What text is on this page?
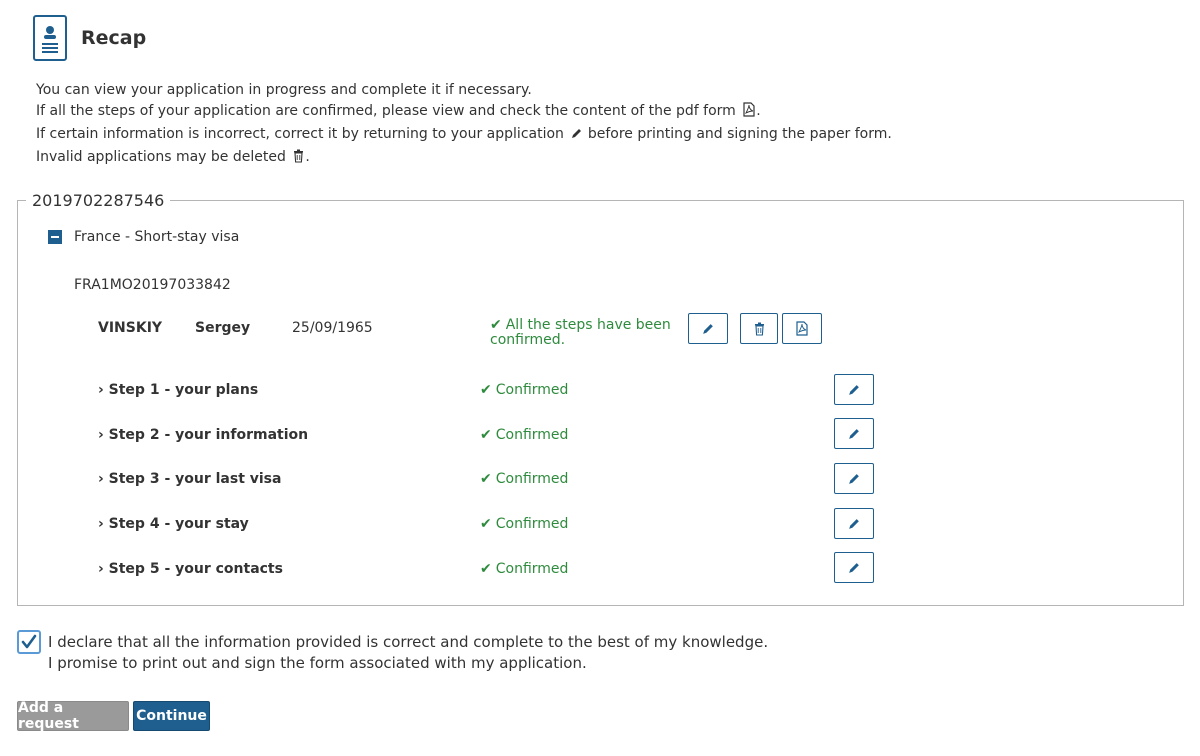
Recap
You can view your application in progress and complete it if necessary.
If all the steps of your application are confirmed, please view and check the content of the pdf form .
If certain information is incorrect, correct it by returning to your application before printing and signing the paper form.
Invalid applications may be deleted .
2019702287546
France - Short-stay visa
FRA1MO20197033842
VINSKIY Sergey	25/09/1965	✔ All the steps have been confirmed.
› Step 1 - your plans	✔ Confirmed
› Step 2 - your information	✔ Confirmed
› Step 3 - your last visa	✔ Confirmed
› Step 4 - your stay	✔ Confirmed
› Step 5 - your contacts	✔ Confirmed
I declare that all the information provided is correct and complete to the best of my knowledge.
I promise to print out and sign the form associated with my application.
Add a request	Continue
